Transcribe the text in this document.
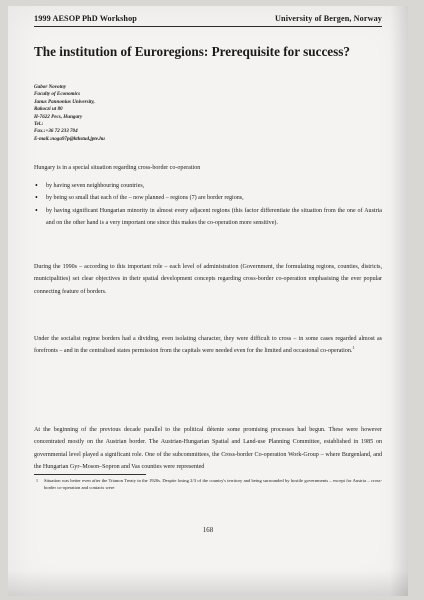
1999 AESOP PhD Workshop	University of Bergen, Norway
The institution of Euroregions: Prerequisite for success?
Gabor Novotny
Faculty of Economics
Janus Pannonius University,
Rakoczi ut 80
H-7622 Pecs, Hungary
Tel.:
Fax.:+36 72 233 704
E-mail.:noga97p@ktkstud.jpte.hu
Hungary is in a special situation regarding cross-border co-operation
• by having seven neighbouring countries,
• by being so small that each of the – now planned – regions (7) are border regions,
• by having significant Hungarian minority in almost every adjacent regions (this factor differentiate the situation from the one of Austria and on the other hand is a very important one since this makes the co-operation more sensitive).
During the 1990s – according to this important role – each level of administration (Government, the formulating regions, counties, districts, municipalities) set clear objectives in their spatial development concepts regarding cross-border co-operation emphasising the ever popular connecting feature of borders.
Under the socialist regime borders had a dividing, even isolating character, they were difficult to cross – in some cases regarded almost as forefronts – and in the centralised states permission from the capitals were needed even for the limited and occasional co-operation.$^1$
At the beginning of the previous decade parallel to the political détente some promising processes had begun. These were however concentrated mostly on the Austrian border. The Austrian-Hungarian Spatial and Land-use Planning Committee, established in 1985 on governmental level played a significant role. One of the subcommittees, the Cross-border Co-operation Work-Group – where Burgenland, and the Hungarian Gyr–Moson–Sopron and Vas counties were represented
1	Situation was better even after the Trianon Treaty in the 1920s. Despite losing 2/3 of the country's territory and being surrounded by hostile governments – except for Austria – cross-border co-operation and contacts were
168
